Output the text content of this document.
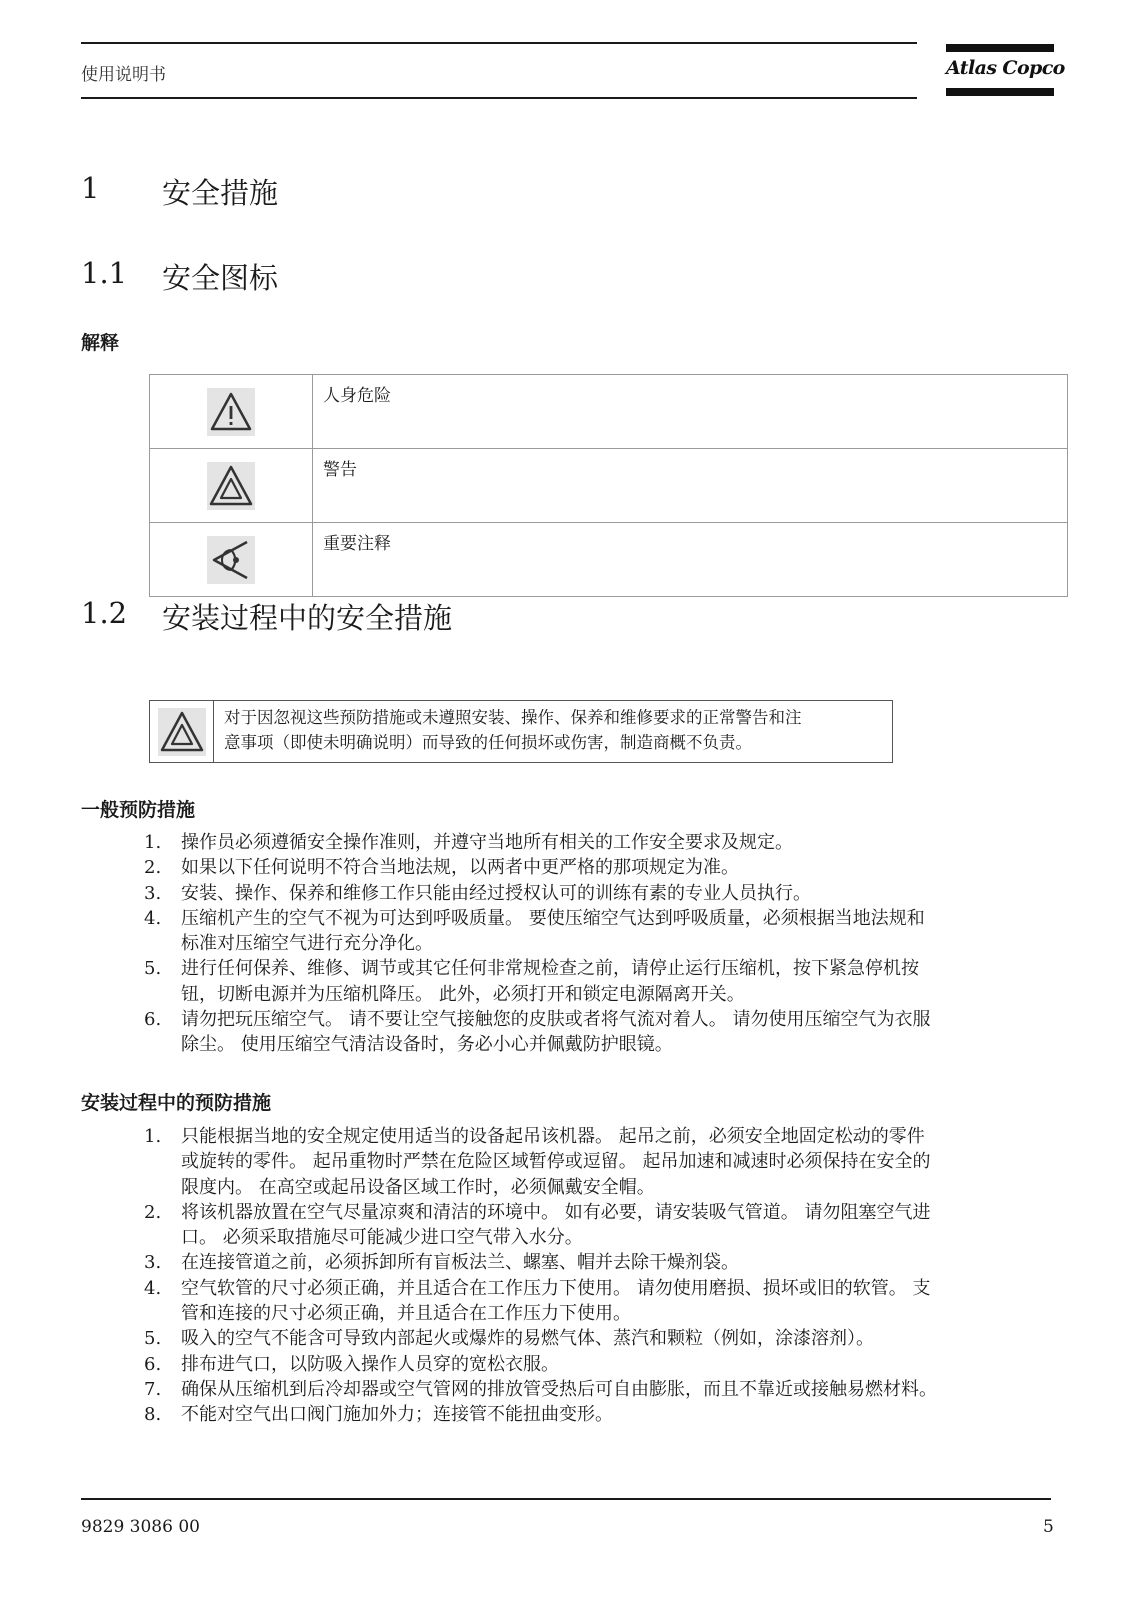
使用说明书	Atlas Copco
1 安全措施
1.1 安全图标
解释
	人身危险

	警告

	重要注释
1.2 安装过程中的安全措施
对于因忽视这些预防措施或未遵照安装、操作、保养和维修要求的正常警告和注
意事项（即使未明确说明）而导致的任何损坏或伤害，制造商概不负责。
一般预防措施
1. 操作员必须遵循安全操作准则，并遵守当地所有相关的工作安全要求及规定。
2. 如果以下任何说明不符合当地法规，以两者中更严格的那项规定为准。
3. 安装、操作、保养和维修工作只能由经过授权认可的训练有素的专业人员执行。
4. 压缩机产生的空气不视为可达到呼吸质量。 要使压缩空气达到呼吸质量，必须根据当地法规和
标准对压缩空气进行充分净化。
5. 进行任何保养、维修、调节或其它任何非常规检查之前，请停止运行压缩机，按下紧急停机按
钮，切断电源并为压缩机降压。 此外，必须打开和锁定电源隔离开关。
6. 请勿把玩压缩空气。 请不要让空气接触您的皮肤或者将气流对着人。 请勿使用压缩空气为衣服
除尘。 使用压缩空气清洁设备时，务必小心并佩戴防护眼镜。
安装过程中的预防措施
1. 只能根据当地的安全规定使用适当的设备起吊该机器。 起吊之前，必须安全地固定松动的零件
或旋转的零件。 起吊重物时严禁在危险区域暂停或逗留。 起吊加速和减速时必须保持在安全的
限度内。 在高空或起吊设备区域工作时，必须佩戴安全帽。
2. 将该机器放置在空气尽量凉爽和清洁的环境中。 如有必要，请安装吸气管道。 请勿阻塞空气进
口。 必须采取措施尽可能减少进口空气带入水分。
3. 在连接管道之前，必须拆卸所有盲板法兰、螺塞、帽并去除干燥剂袋。
4. 空气软管的尺寸必须正确，并且适合在工作压力下使用。 请勿使用磨损、损坏或旧的软管。 支
管和连接的尺寸必须正确，并且适合在工作压力下使用。
5. 吸入的空气不能含可导致内部起火或爆炸的易燃气体、蒸汽和颗粒（例如，涂漆溶剂）。
6. 排布进气口，以防吸入操作人员穿的宽松衣服。
7. 确保从压缩机到后冷却器或空气管网的排放管受热后可自由膨胀，而且不靠近或接触易燃材料。
8. 不能对空气出口阀门施加外力；连接管不能扭曲变形。
9829 3086 00	5
